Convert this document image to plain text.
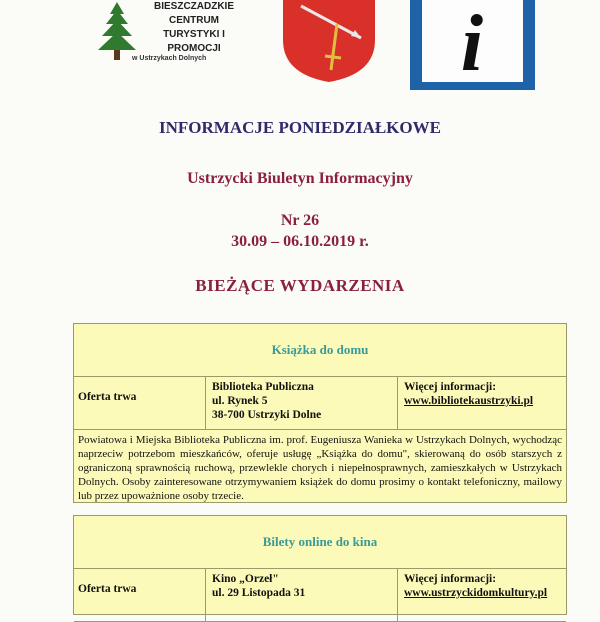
BIESZCZADZKIE
CENTRUM
TURYSTYKI I PROMOCJI
w Ustrzykach Dolnych	i
INFORMACJE PONIEDZIAŁKOWE
Ustrzycki Biuletyn Informacyjny
Nr 26
30.09 – 06.10.2019 r.
BIEŻĄCE WYDARZENIA
Książka do domu
Oferta trwa
Biblioteka Publiczna
ul. Rynek 5
38-700 Ustrzyki Dolne
Więcej informacji:
www.bibliotekaustrzyki.pl
Powiatowa i Miejska Biblioteka Publiczna im. prof. Eugeniusza Wanieka w Ustrzykach Dolnych, wychodząc naprzeciw potrzebom mieszkańców, oferuje usługę „Książka do domu", skierowaną do osób starszych z ograniczoną sprawnością ruchową, przewlekle chorych i niepełnosprawnych, zamieszkałych w Ustrzykach Dolnych. Osoby zainteresowane otrzymywaniem książek do domu prosimy o kontakt telefoniczny, mailowy lub przez upoważnione osoby trzecie.
Bilety online do kina
Oferta trwa
Kino „Orzeł"
ul. 29 Listopada 31
Więcej informacji:
www.ustrzyckidomkultury.pl
